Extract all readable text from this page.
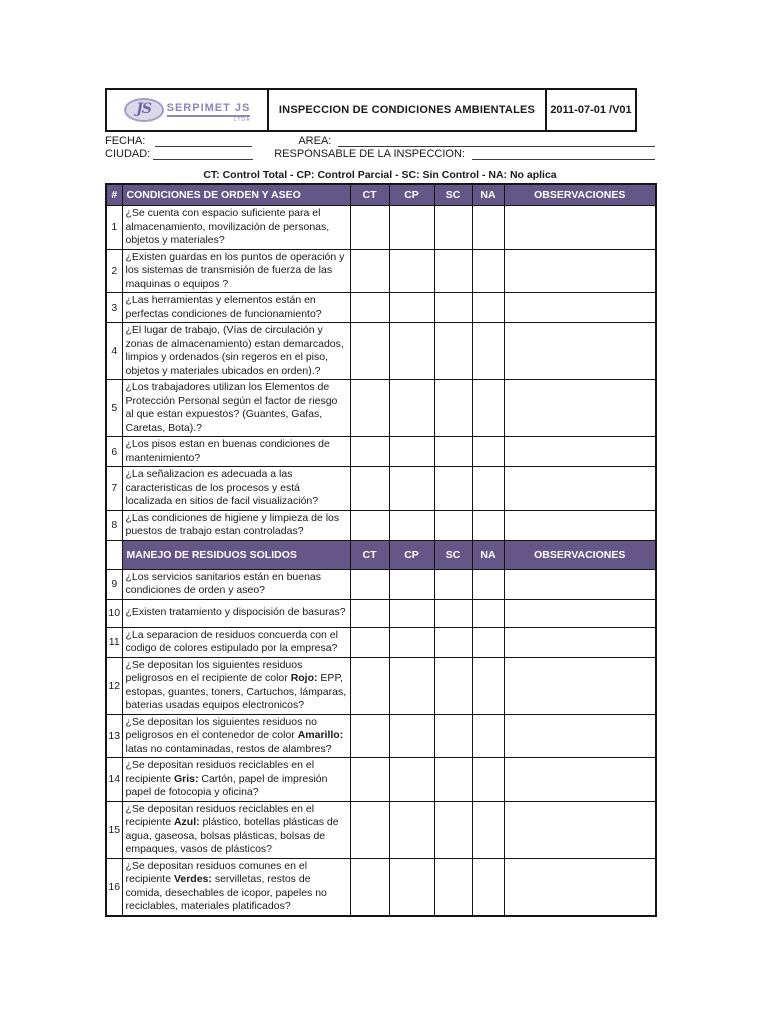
JS	SERPIMET JS
LTDA
INSPECCION DE CONDICIONES AMBIENTALES	2011-07-01 /V01
FECHA:	AREA:
CIUDAD:	RESPONSABLE DE LA INSPECCION:
CT: Control Total - CP: Control Parcial - SC: Sin Control - NA: No aplica
#	CONDICIONES DE ORDEN Y ASEO	CT	CP	SC	NA	OBSERVACIONES
1	¿Se cuenta con espacio suficiente para el almacenamiento, movilización de personas, objetos y materiales?					
2	¿Existen guardas en los puntos de operación y los sistemas de transmisión de fuerza de las maquinas o equipos ?					
3	¿Las herramientas y elementos están en perfectas condiciones de funcionamiento?					
4	¿El lugar de trabajo, (Vías de circulación y zonas de almacenamiento) estan demarcados, limpios y ordenados (sin regeros en el piso, objetos y materiales ubicados en orden).?					
5	¿Los trabajadores utilizan los Elementos de Protección Personal según el factor de riesgo al que estan expuestos? (Guantes, Gafas, Caretas, Bota).?					
6	¿Los pisos estan en buenas condiciones de mantenimiento?					
7	¿La señalizacion es adecuada a las caracteristicas de los procesos y está localizada en sitios de facil visualización?					
8	¿Las condiciones de higiene y limpieza de los puestos de trabajo estan controladas?					
	MANEJO DE RESIDUOS SOLIDOS	CT	CP	SC	NA	OBSERVACIONES
9	¿Los servicios sanitarios están en buenas condiciones de orden y aseo?					
10	¿Existen tratamiento y dispocisión de basuras?					
11	¿La separacion de residuos concuerda con el codigo de colores estipulado por la empresa?					
12	¿Se depositan los siguientes residuos peligrosos en el recipiente de color Rojo: EPP, estopas, guantes, toners, Cartuchos, lámparas, baterias usadas equipos electronicos?					
13	¿Se depositan los siguientes residuos no peligrosos en el contenedor de color Amarillo: latas no contaminadas, restos de alambres?					
14	¿Se depositan residuos reciclables en el recipiente Gris: Cartón, papel de impresión papel de fotocopia y oficina?					
15	¿Se depositan residuos reciclables en el recipiente Azul: plástico, botellas plásticas de agua, gaseosa, bolsas plásticas, bolsas de empaques, vasos de plásticos?					
16	¿Se depositan residuos comunes en el recipiente Verdes: servilletas, restos de comida, desechables de icopor, papeles no reciclables, materiales platificados?					
